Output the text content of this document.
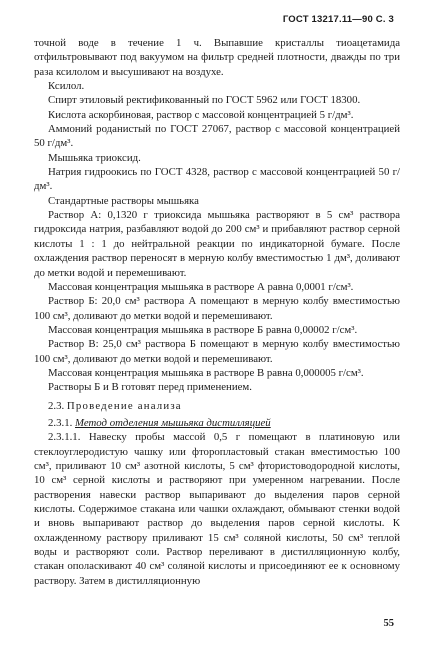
ГОСТ 13217.11—90 С. 3

точной воде в течение 1 ч. Выпавшие кристаллы тиоацетамида отфильтровывают под вакуумом на фильтр средней плотности, дважды по три раза ксилолом и высушивают на воздухе.

Ксилол.

Спирт этиловый ректификованный по ГОСТ 5962 или ГОСТ 18300.

Кислота аскорбиновая, раствор с массовой концентрацией 5 г/дм³.

Аммоний роданистый по ГОСТ 27067, раствор с массовой концентрацией 50 г/дм³.

Мышьяка триоксид.

Натрия гидроокись по ГОСТ 4328, раствор с массовой концентрацией 50 г/дм³.

Стандартные растворы мышьяка

Раствор А: 0,1320 г триоксида мышьяка растворяют в 5 см³ раствора гидроксида натрия, разбавляют водой до 200 см³ и прибавляют раствор серной кислоты 1 : 1 до нейтральной реакции по индикаторной бумаге. После охлаждения раствор переносят в мерную колбу вместимостью 1 дм³, доливают до метки водой и перемешивают.

Массовая концентрация мышьяка в растворе А равна 0,0001 г/см³.

Раствор Б: 20,0 см³ раствора А помещают в мерную колбу вместимостью 100 см³, доливают до метки водой и перемешивают.

Массовая концентрация мышьяка в растворе Б равна 0,00002 г/см³.

Раствор В: 25,0 см³ раствора Б помещают в мерную колбу вместимостью 100 см³, доливают до метки водой и перемешивают.

Массовая концентрация мышьяка в растворе В равна 0,000005 г/см³.

Растворы Б и В готовят перед применением.

2.3. Проведение анализа

2.3.1. Метод отделения мышьяка дистилляцией

2.3.1.1. Навеску пробы массой 0,5 г помещают в платиновую или стеклоуглеродистую чашку или фторопластовый стакан вместимостью 100 см³, приливают 10 см³ азотной кислоты, 5 см³ фтористоводородной кислоты, 10 см³ серной кислоты и растворяют при умеренном нагревании. После растворения навески раствор выпаривают до выделения паров серной кислоты. Содержимое стакана или чашки охлаждают, обмывают стенки водой и вновь выпаривают раствор до выделения паров серной кислоты. К охлажденному раствору приливают 15 см³ соляной кислоты, 50 см³ теплой воды и растворяют соли. Раствор переливают в дистилляционную колбу, стакан ополаскивают 40 см³ соляной кислоты и присоединяют ее к основному раствору. Затем в дистилляционную

55
